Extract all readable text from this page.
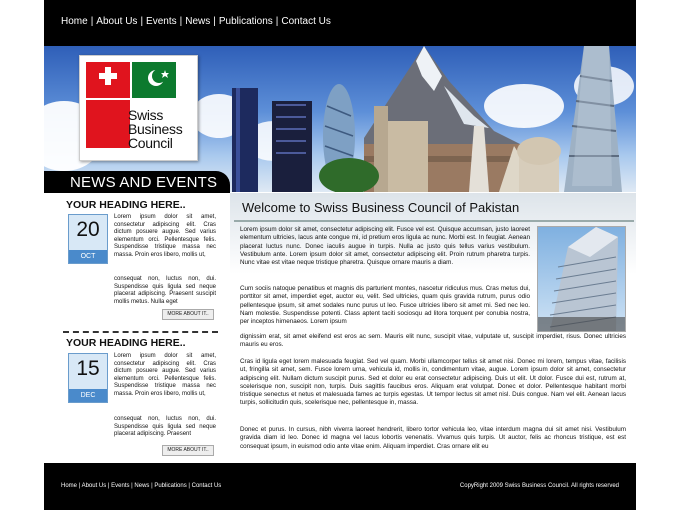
Home | About Us | Events | News | Publications | Contact Us
Swiss
Business
Council
NEWS AND EVENTS
YOUR HEADING HERE..
20
OCT
Lorem ipsum dolor sit amet, consectetur adipiscing elit. Cras dictum posuere augue. Sed varius elementum orci. Pellentesque felis. Suspendisse tristique massa nec massa. Proin eros libero, mollis ut,
consequat non, luctus non, dui. Suspendisse quis ligula sed neque placerat adipiscing. Praesent suscipit mollis metus. Nulla eget
MORE ABOUT IT..
YOUR HEADING HERE..
15
DEC
Lorem ipsum dolor sit amet, consectetur adipiscing elit. Cras dictum posuere augue. Sed varius elementum orci. Pellentesque felis. Suspendisse tristique massa nec massa. Proin eros libero, mollis ut,
consequat non, luctus non, dui. Suspendisse quis ligula sed neque placerat adipiscing. Praesent
MORE ABOUT IT..
Welcome to Swiss Business Council of Pakistan
Lorem ipsum dolor sit amet, consectetur adipiscing elit. Fusce vel est. Quisque accumsan, justo laoreet elementum ultricies, lacus ante congue mi, id pretium eros ligula ac nunc. Morbi est. In feugiat. Aenean placerat luctus nunc. Donec iaculis augue in turpis. Nulla ac justo quis tellus varius vestibulum. Vestibulum ante. Lorem ipsum dolor sit amet, consectetur adipiscing elit. Proin rutrum pharetra turpis. Nunc vitae est vitae neque tristique pharetra. Quisque ornare mauris a diam.
Cum sociis natoque penatibus et magnis dis parturient montes, nascetur ridiculus mus. Cras metus dui, porttitor sit amet, imperdiet eget, auctor eu, velit. Sed ultricies, quam quis gravida rutrum, purus odio pellentesque ipsum, sit amet sodales nunc purus ut leo. Fusce ultricies libero sit amet mi. Sed nec leo. Nam molestie. Suspendisse potenti. Class aptent taciti sociosqu ad litora torquent per conubia nostra, per inceptos himenaeos. Lorem ipsum
dignissim erat, sit amet eleifend est eros ac sem. Mauris elit nunc, suscipit vitae, vulputate ut, suscipit imperdiet, risus. Donec ultricies mauris eu eros.
Cras id ligula eget lorem malesuada feugiat. Sed vel quam. Morbi ullamcorper tellus sit amet nisi. Donec mi lorem, tempus vitae, facilisis ut, fringilla sit amet, sem. Fusce lorem urna, vehicula id, mollis in, condimentum vitae, augue. Lorem ipsum dolor sit amet, consectetur adipiscing elit. Nullam dictum suscipit purus. Sed et dolor eu erat consectetur adipiscing. Duis ut elit. Ut dolor. Fusce dui est, rutrum at, scelerisque non, suscipit non, turpis. Duis sagittis faucibus eros. Aliquam erat volutpat. Donec et dolor. Pellentesque habitant morbi tristique senectus et netus et malesuada fames ac turpis egestas. Ut tempor lectus sit amet nisl. Duis congue. Nam vel elit. Aenean lacus turpis, sollicitudin quis, scelerisque nec, pellentesque in, massa.
Donec et purus. In cursus, nibh viverra laoreet hendrerit, libero tortor vehicula leo, vitae interdum magna dui sit amet nisi. Vestibulum gravida diam id leo. Donec id magna vel lacus lobortis venenatis. Vivamus quis turpis. Ut auctor, felis ac rhoncus tristique, est est consequat ipsum, in euismod odio ante vitae enim. Aliquam imperdiet. Cras ornare elit eu
Home | About Us | Events | News | Publications | Contact Us	CopyRight 2009 Swiss Business Council. All rights reserved
